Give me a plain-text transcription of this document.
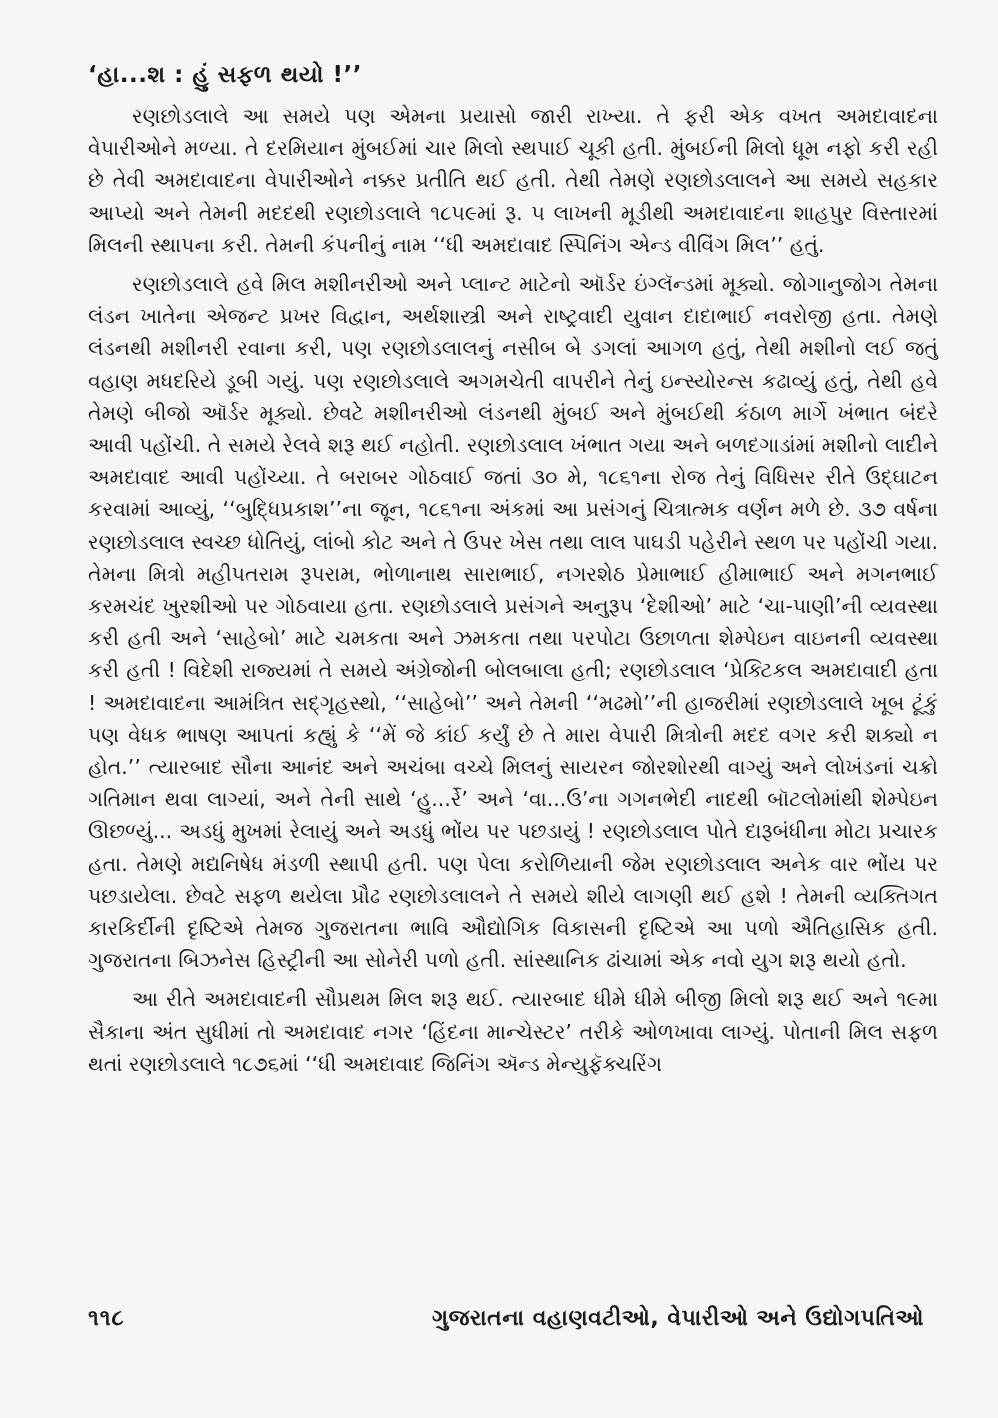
‘હા...શ : હું સફળ થયો !’’

રણછોડલાલે આ સમયે પણ એમના પ્રયાસો જારી રાખ્યા. તે ફરી એક વખત અમદાવાદના વેપારીઓને મળ્યા. તે દરમિયાન મુંબઈમાં ચાર મિલો સ્થપાઈ ચૂકી હતી. મુંબઈની મિલો ધૂમ નફો કરી રહી છે તેવી અમદાવાદના વેપારીઓને નક્કર પ્રતીતિ થઈ હતી. તેથી તેમણે રણછોડલાલને આ સમયે સહકાર આપ્યો અને તેમની મદદથી રણછોડલાલે ૧૮૫૯માં રૂ. ૫ લાખની મૂડીથી અમદાવાદના શાહપુર વિસ્તારમાં મિલની સ્થાપના કરી. તેમની કંપનીનું નામ ‘‘ધી અમદાવાદ સ્પિનિંગ એન્ડ વીવિંગ મિલ’’ હતું.

રણછોડલાલે હવે મિલ મશીનરીઓ અને પ્લાન્ટ માટેનો ઑર્ડર ઇંગ્લૅન્ડમાં મૂક્યો. જોગાનુજોગ તેમના લંડન ખાતેના એજન્ટ પ્રખર વિદ્વાન, અર્થશાસ્ત્રી અને રાષ્ટ્રવાદી યુવાન દાદાભાઈ નવરોજી હતા. તેમણે લંડનથી મશીનરી રવાના કરી, પણ રણછોડલાલનું નસીબ બે ડગલાં આગળ હતું, તેથી મશીનો લઈ જતું વહાણ મધદરિયે ડૂબી ગયું. પણ રણછોડલાલે અગમચેતી વાપરીને તેનું ઇન્સ્યોરન્સ કઢાવ્યું હતું, તેથી હવે તેમણે બીજો ઑર્ડર મૂક્યો. છેવટે મશીનરીઓ લંડનથી મુંબઈ અને મુંબઈથી કંઠાળ માર્ગે ખંભાત બંદરે આવી પહોંચી. તે સમયે રેલવે શરૂ થઈ નહોતી. રણછોડલાલ ખંભાત ગયા અને બળદગાડાંમાં મશીનો લાદીને અમદાવાદ આવી પહોંચ્યા. તે બરાબર ગોઠવાઈ જતાં ૩૦ મે, ૧૮૬૧ના રોજ તેનું વિધિસર રીતે ઉદ્‌ઘાટન કરવામાં આવ્યું, ‘‘બુદ્ધિપ્રકાશ’’ના જૂન, ૧૮૬૧ના અંકમાં આ પ્રસંગનું ચિત્રાત્મક વર્ણન મળે છે. ૩૭ વર્ષના રણછોડલાલ સ્વચ્છ ધોતિયું, લાંબો કોટ અને તે ઉપર ખેસ તથા લાલ પાઘડી પહેરીને સ્થળ પર પહોંચી ગયા. તેમના મિત્રો મહીપતરામ રૂપરામ, ભોળાનાથ સારાભાઈ, નગરશેઠ પ્રેમાભાઈ હીમાભાઈ અને મગનભાઈ કરમચંદ ખુરશીઓ પર ગોઠવાયા હતા. રણછોડલાલે પ્રસંગને અનુરૂપ ‘દેશીઓ’ માટે ‘ચા-પાણી’ની વ્યવસ્થા કરી હતી અને ‘સાહેબો’ માટે ચમકતા અને ઝમકતા તથા પરપોટા ઉછાળતા શેમ્પેઇન વાઇનની વ્યવસ્થા કરી હતી ! વિદેશી રાજ્યમાં તે સમયે અંગ્રેજોની બોલબાલા હતી; રણછોડલાલ ‘પ્રેક્ટિકલ અમદાવાદી હતા ! અમદાવાદના આમંત્રિત સદ્‌ગૃહસ્થો, ‘‘સાહેબો’’ અને તેમની ‘‘મઢમો’’ની હાજરીમાં રણછોડલાલે ખૂબ ટૂંકું પણ વેધક ભાષણ આપતાં કહ્યું કે ‘‘મેં જે કાંઈ કર્યું છે તે મારા વેપારી મિત્રોની મદદ વગર કરી શક્યો ન હોત.’’ ત્યારબાદ સૌના આનંદ અને અચંબા વચ્ચે મિલનું સાયરન જોરશોરથી વાગ્યું અને લોખંડનાં ચક્રો ગતિમાન થવા લાગ્યાં, અને તેની સાથે ‘હુ...ર્રે’ અને ‘વા...ઉ’ના ગગનભેદી નાદથી બૉટલોમાંથી શેમ્પેઇન ઊછળ્યું... અડધું મુખમાં રેલાયું અને અડધું ભોંય પર પછડાયું ! રણછોડલાલ પોતે દારૂબંધીના મોટા પ્રચારક હતા. તેમણે મદ્યનિષેધ મંડળી સ્થાપી હતી. પણ પેલા કરોળિયાની જેમ રણછોડલાલ અનેક વાર ભોંય પર પછડાયેલા. છેવટે સફળ થયેલા પ્રૌઢ રણછોડલાલને તે સમયે શીયે લાગણી થઈ હશે ! તેમની વ્યક્તિગત કારકિર્દીની દૃષ્ટિએ તેમજ ગુજરાતના ભાવિ ઔદ્યોગિક વિકાસની દૃષ્ટિએ આ પળો ઐતિહાસિક હતી. ગુજરાતના બિઝનેસ હિસ્ટ્રીની આ સોનેરી પળો હતી. સાંસ્થાનિક ઢાંચામાં એક નવો યુગ શરૂ થયો હતો.

આ રીતે અમદાવાદની સૌપ્રથમ મિલ શરૂ થઈ. ત્યારબાદ ધીમે ધીમે બીજી મિલો શરૂ થઈ અને ૧૯મા સૈકાના અંત સુધીમાં તો અમદાવાદ નગર ‘હિંદના માન્ચેસ્ટર’ તરીકે ઓળખાવા લાગ્યું. પોતાની મિલ સફળ થતાં રણછોડલાલે ૧૮૭૬માં ‘‘ધી અમદાવાદ જિનિંગ ઍન્ડ મેન્યુફૅક્ચરિંગ

૧૧૮	ગુજરાતના વહાણવટીઓ, વેપારીઓ અને ઉદ્યોગપતિઓ
